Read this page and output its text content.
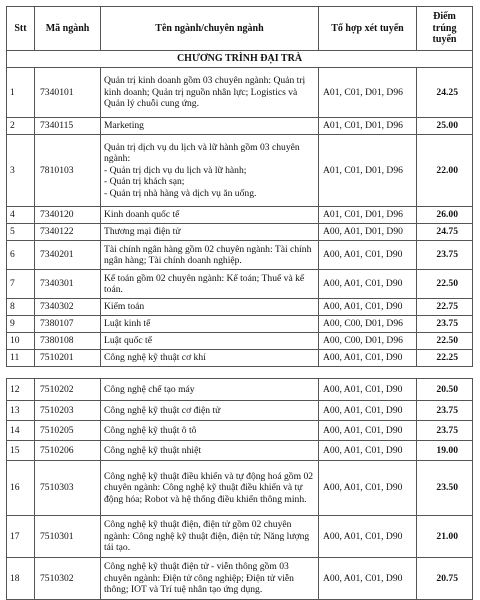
Stt	Mã ngành	Tên ngành/chuyên ngành	Tổ hợp xét tuyển	Điểm
trúng
tuyển

CHƯƠNG TRÌNH ĐẠI TRÀ				
1	7340101	Quản trị kinh doanh gồm 03 chuyên ngành: Quản trị kinh doanh; Quản trị nguồn nhân lực; Logistics và Quản lý chuỗi cung ứng.	A01, C01, D01, D96	24.25
2	7340115	Marketing	A01, C01, D01, D96	25.00
3	7810103	Quản trị dịch vụ du lịch và lữ hành gồm 03 chuyên ngành:
- Quản trị dịch vụ du lịch và lữ hành;
- Quản trị khách sạn;
- Quản trị nhà hàng và dịch vụ ăn uống.	A01, C01, D01, D96	22.00
4	7340120	Kinh doanh quốc tế	A01, C01, D01, D96	26.00
5	7340122	Thương mại điện tử	A00, A01, D01, D90	24.75
6	7340201	Tài chính ngân hàng gồm 02 chuyên ngành: Tài chính ngân hàng; Tài chính doanh nghiệp.	A00, A01, C01, D90	23.75
7	7340301	Kế toán gồm 02 chuyên ngành: Kế toán; Thuế và kế toán.	A00, A01, C01, D90	22.50
8	7340302	Kiểm toán	A00, A01, C01, D90	22.75
9	7380107	Luật kinh tế	A00, C00, D01, D96	23.75
10	7380108	Luật quốc tế	A00, C00, D01, D96	22.50
11	7510201	Công nghệ kỹ thuật cơ khí	A00, A01, C01, D90	22.25
12	7510202	Công nghệ chế tạo máy	A00, A01, C01, D90	20.50
13	7510203	Công nghệ kỹ thuật cơ điện tử	A00, A01, C01, D90	23.75
14	7510205	Công nghệ kỹ thuật ô tô	A00, A01, C01, D90	23.75
15	7510206	Công nghệ kỹ thuật nhiệt	A00, A01, C01, D90	19.00
16	7510303	Công nghệ kỹ thuật điều khiển và tự động hoá gồm 02 chuyên ngành: Công nghệ kỹ thuật điều khiển và tự động hóa; Robot và hệ thống điều khiển thông minh.	A00, A01, C01, D90	23.50
17	7510301	Công nghệ kỹ thuật điện, điện tử gồm 02 chuyên ngành: Công nghệ kỹ thuật điện, điện tử; Năng lượng tái tạo.	A00, A01, C01, D90	21.00
18	7510302	Công nghệ kỹ thuật điện tử - viễn thông gồm 03 chuyên ngành: Điện tử công nghiệp; Điện tử viễn thông; IOT và Trí tuệ nhân tạo ứng dụng.	A00, A01, C01, D90	20.75
